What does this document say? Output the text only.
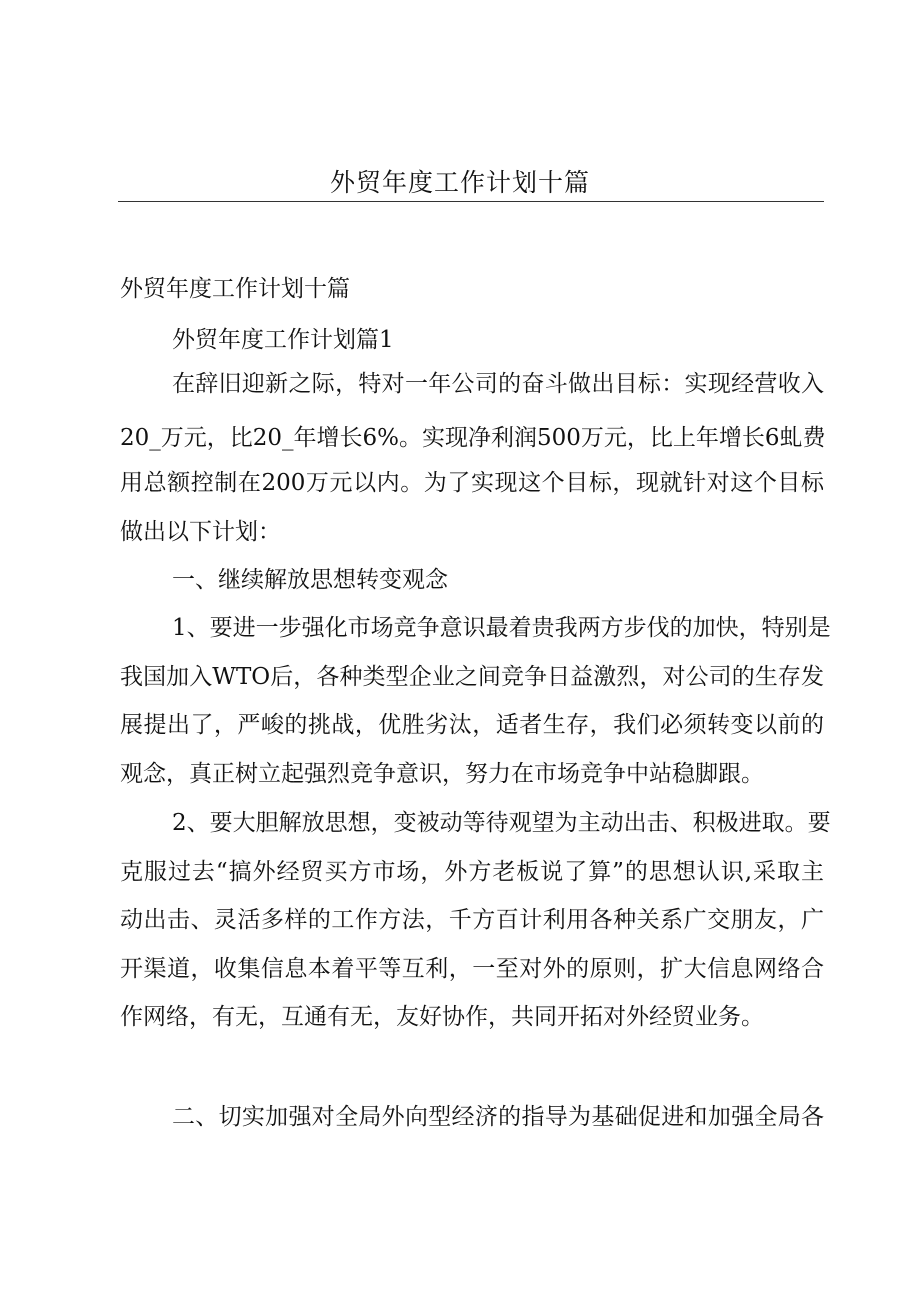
外贸年度工作计划十篇
外贸年度工作计划十篇
外贸年度工作计划篇1
在辞旧迎新之际，特对一年公司的奋斗做出目标：实现经营收入
20_万元，比20_年增长6%。实现净利润500万元，比上年增长6虬费
用总额控制在200万元以内。为了实现这个目标，现就针对这个目标
做出以下计划：
一、继续解放思想转变观念
1、要进一步强化市场竞争意识最着贵我两方步伐的加快，特别是
我国加入WTO后，各种类型企业之间竞争日益激烈，对公司的生存发
展提出了，严峻的挑战，优胜劣汰，适者生存，我们必须转变以前的
观念，真正树立起强烈竞争意识，努力在市场竞争中站稳脚跟。
2、要大胆解放思想，变被动等待观望为主动出击、积极进取。要
克服过去“搞外经贸买方市场，外方老板说了算”的思想认识,采取主
动出击、灵活多样的工作方法，千方百计利用各种关系广交朋友，广
开渠道，收集信息本着平等互利，一至对外的原则，扩大信息网络合
作网络，有无，互通有无，友好协作，共同开拓对外经贸业务。
二、切实加强对全局外向型经济的指导为基础促进和加强全局各
